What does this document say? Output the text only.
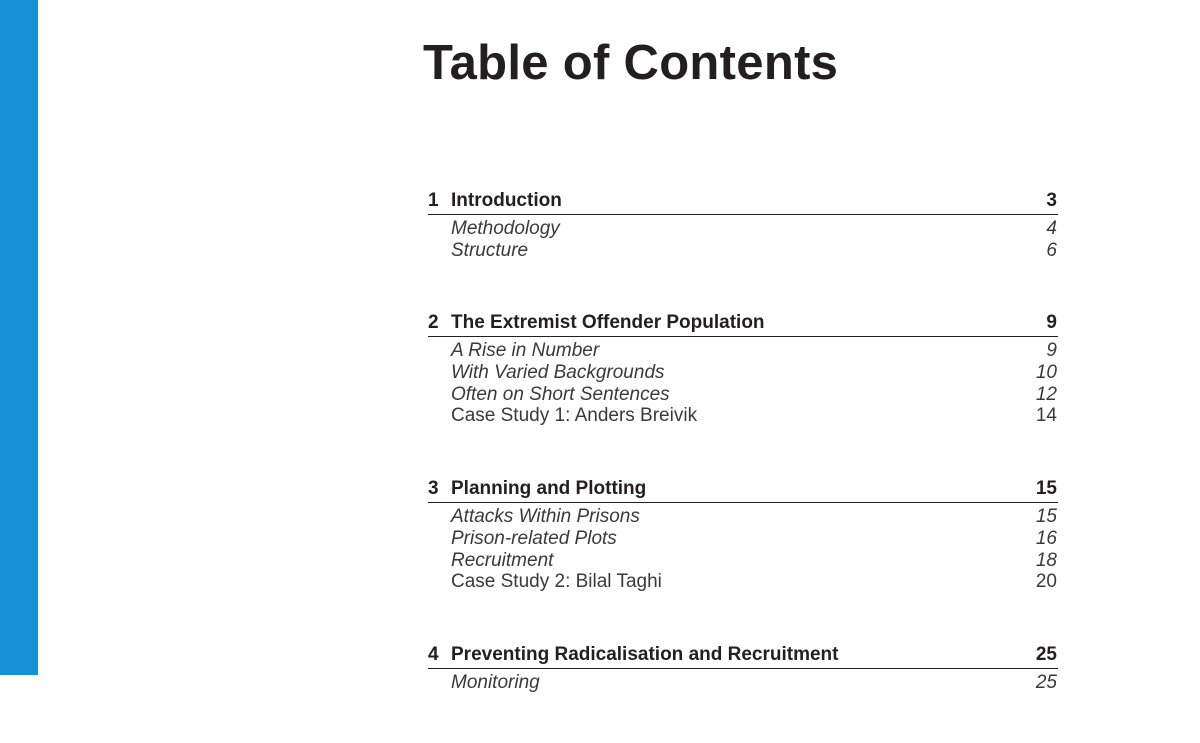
Table of Contents
1 Introduction	3
Methodology	4
Structure	6
2 The Extremist Offender Population	9
A Rise in Number	9
With Varied Backgrounds	10
Often on Short Sentences	12
Case Study 1: Anders Breivik	14
3 Planning and Plotting	15
Attacks Within Prisons	15
Prison-related Plots	16
Recruitment	18
Case Study 2: Bilal Taghi	20
4 Preventing Radicalisation and Recruitment	25
Monitoring	25
